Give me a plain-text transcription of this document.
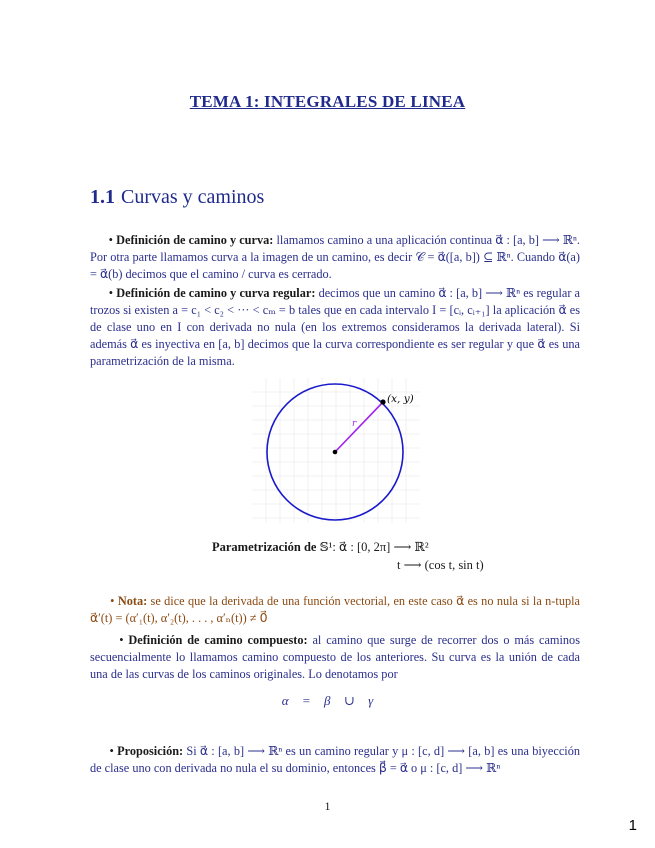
TEMA 1: INTEGRALES DE LINEA
1.1 Curvas y caminos
• Definición de camino y curva: llamamos camino a una aplicación continua α⃗ : [a, b] ⟶ ℝⁿ. Por otra parte llamamos curva a la imagen de un camino, es decir 𝒞 = α⃗([a, b]) ⊆ ℝⁿ. Cuando α⃗(a) = α⃗(b) decimos que el camino / curva es cerrado.
• Definición de camino y curva regular: decimos que un camino α⃗ : [a, b] ⟶ ℝⁿ es regular a trozos si existen a = c₁ < c₂ < ··· < cₘ = b tales que en cada intervalo I = [cᵢ, cᵢ₊₁] la aplicación α⃗ es de clase uno en I con derivada no nula (en los extremos consideramos la derivada lateral). Si además α⃗ es inyectiva en [a, b] decimos que la curva correspondiente es ser regular y que α⃗ es una parametrización de la misma.
(x, y)
r
Parametrización de 𝕊¹: α⃗ : [0, 2π] ⟶ ℝ²
t ⟶ (cos t, sin t)
• Nota: se dice que la derivada de una función vectorial, en este caso α⃗ es no nula si la n-tupla α⃗′(t) = (α′₁(t), α′₂(t), . . . , α′ₙ(t)) ≠ 0⃗
• Definición de camino compuesto: al camino que surge de recorrer dos o más caminos secuencialmente lo llamamos camino compuesto de los anteriores. Su curva es la unión de cada una de las curvas de los caminos originales. Lo denotamos por
𝒞α⃗ = 𝒞β⃗ ∪ 𝒞γ⃗
• Proposición: Si α⃗ : [a, b] ⟶ ℝⁿ es un camino regular y μ : [c, d] ⟶ [a, b] es una biyección de clase uno con derivada no nula el su dominio, entonces β⃗ = α⃗ o μ : [c, d] ⟶ ℝⁿ
1
1
